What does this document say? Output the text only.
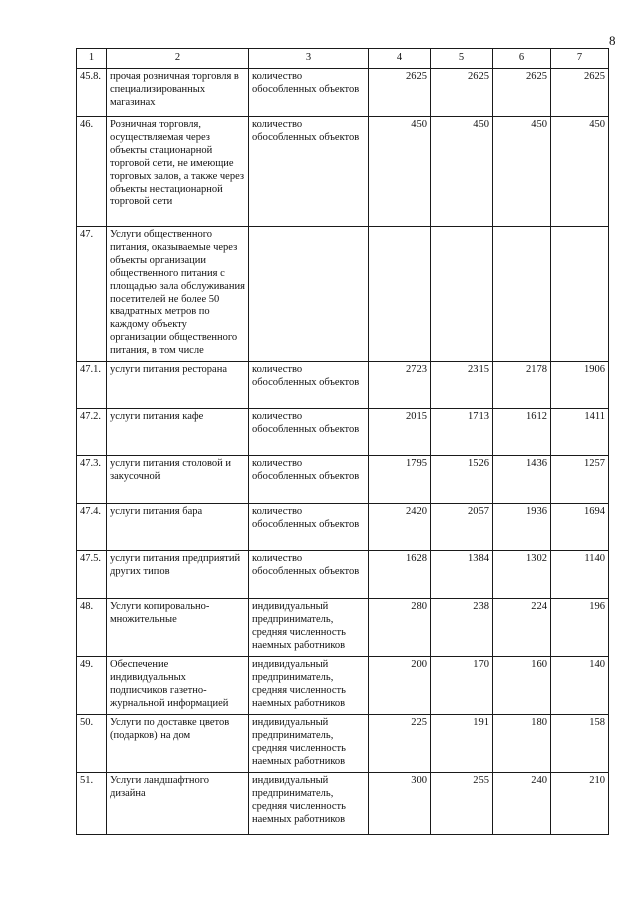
8
1	2	3	4	5	6	7
45.8.	прочая розничная торговля в специализированных магазинах	количество обособленных объектов	2625	2625	2625	2625
46.	Розничная торговля, осуществляемая через объекты стационарной торговой сети, не имеющие торговых залов, а также через объекты нестационарной торговой сети	количество обособленных объектов	450	450	450	450
47.	Услуги общественного питания, оказываемые через объекты организации общественного питания с площадью зала обслуживания посетителей не более 50 квадратных метров по каждому объекту организации общественного питания, в том числе					
47.1.	услуги питания ресторана	количество обособленных объектов	2723	2315	2178	1906
47.2.	услуги питания кафе	количество обособленных объектов	2015	1713	1612	1411
47.3.	услуги питания столовой и закусочной	количество обособленных объектов	1795	1526	1436	1257
47.4.	услуги питания бара	количество обособленных объектов	2420	2057	1936	1694
47.5.	услуги питания предприятий других типов	количество обособленных объектов	1628	1384	1302	1140
48.	Услуги копировально-множительные	индивидуальный предприниматель, средняя численность наемных работников	280	238	224	196
49.	Обеспечение индивидуальных подписчиков газетно-журнальной информацией	индивидуальный предприниматель, средняя численность наемных работников	200	170	160	140
50.	Услуги по доставке цветов (подарков) на дом	индивидуальный предприниматель, средняя численность наемных работников	225	191	180	158
51.	Услуги ландшафтного дизайна	индивидуальный предприниматель, средняя численность наемных работников	300	255	240	210
